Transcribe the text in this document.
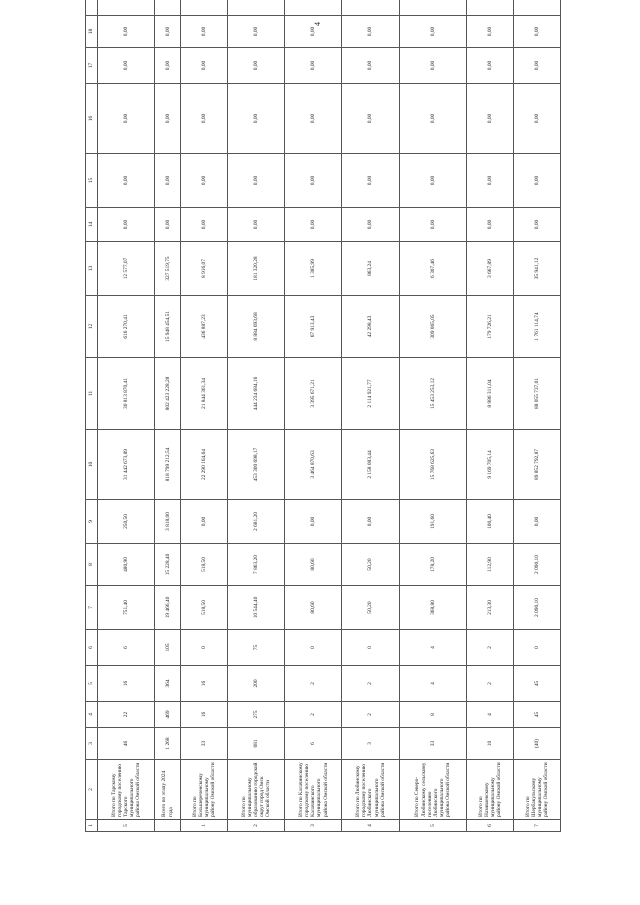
4
1	2	3	4	5	6	7	8	9	10	11	12	13	14	15	16	17	18	
5	Итого по Тарскому городскому поселению Тарского муниципального района Омской области	46	22	16	6	751,40	480,90	250,50	31 442 673,89	30 813 870,41	616 270,41	12 577,07	0,00	0,00	0,00	0,00	0,00	
	Всего по этапу 2024 года	1 268	469	364	105	19 466,40	15 228,40	3 818,00	818 799 212,54	802 423 228,28	15 948 454,51	327 519,75	0,00	0,00	0,00	0,00	0,00	
1	Итого по Большереченскому муниципальному району Омской области	33	16	16	0	518,50	518,50	0,00	22 290 164,64	21 844 361,34	436 887,23	8 916,07	0,00	0,00	0,00	0,00	0,00	
2	Итого по муниципальному образованию городской округ город Омск Омской области	681	275	200	75	10 544,40	7 863,20	2 681,20	453 300 698,17	444 234 684,16	8 884 693,68	181 320,28	0,00	0,00	0,00	0,00	0,00	
3	Итого по Калачинскому городскому поселению Калачинского муниципального района Омской области	6	2	2	0	80,60	80,60	0,00	3 464 870,63	3 395 671,21	67 913,43	1 385,99	0,00	0,00	0,00	0,00	0,00	
4	Итого по Любинскому городскому поселению Любинского муниципального района Омской области	3	2	2	0	50,20	50,20	0,00	2 158 083,44	2 114 921,77	42 298,43	863,24	0,00	0,00	0,00	0,00	0,00	
5	Итого по Северо-Любинскому сельскому поселению Любинского муниципального района Омской области	33	8	4	4	368,80	178,20	191,60	15 768 625,63	15 453 253,12	309 065,05	6 307,46	0,00	0,00	0,00	0,00	0,00	
6	Итого по Називаевскому муниципальному району Омской области	10	4	2	2	213,30	112,90	100,40	9 169 705,14	8 986 311,04	179 726,21	3 667,89	0,00	0,00	0,00	0,00	0,00	
7	Итого по Шербакульскому муниципальному району Омской области	(40)	45	45	0	2 090,10	2 090,10	0,00	89 852 792,87	88 055 737,01	1 761 114,74	35 941,12	0,00	0,00	0,00	0,00	0,00	
